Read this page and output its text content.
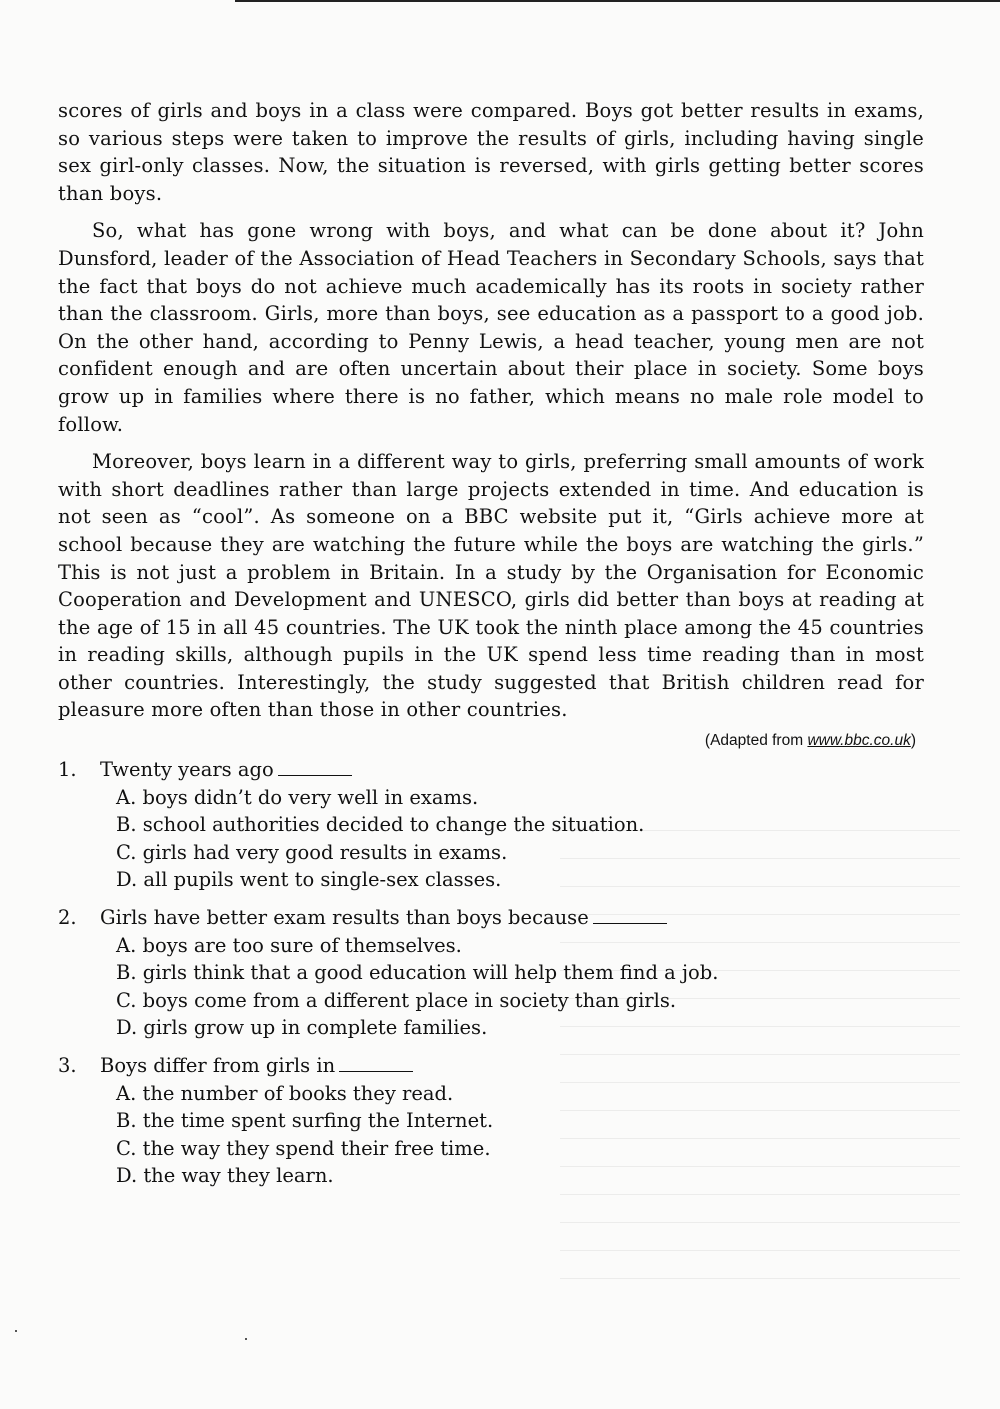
scores of girls and boys in a class were compared. Boys got better results in exams, so various steps were taken to improve the results of girls, including having single sex girl-only classes. Now, the situation is reversed, with girls getting better scores than boys.

So, what has gone wrong with boys, and what can be done about it? John Dunsford, leader of the Association of Head Teachers in Secondary Schools, says that the fact that boys do not achieve much academically has its roots in society rather than the classroom. Girls, more than boys, see education as a passport to a good job. On the other hand, according to Penny Lewis, a head teacher, young men are not confident enough and are often uncertain about their place in society. Some boys grow up in families where there is no father, which means no male role model to follow.

Moreover, boys learn in a different way to girls, preferring small amounts of work with short deadlines rather than large projects extended in time. And education is not seen as “cool”. As someone on a BBC website put it, “Girls achieve more at school because they are watching the future while the boys are watching the girls.” This is not just a problem in Britain. In a study by the Organisation for Economic Cooperation and Development and UNESCO, girls did better than boys at reading at the age of 15 in all 45 countries. The UK took the ninth place among the 45 countries in reading skills, although pupils in the UK spend less time reading than in most other countries. Interestingly, the study suggested that British children read for pleasure more often than those in other countries.

(Adapted from www.bbc.co.uk)
1.	Twenty years ago
A. boys didn’t do very well in exams.
B. school authorities decided to change the situation.
C. girls had very good results in exams.
D. all pupils went to single-sex classes.
2.	Girls have better exam results than boys because
A. boys are too sure of themselves.
B. girls think that a good education will help them find a job.
C. boys come from a different place in society than girls.
D. girls grow up in complete families.
3.	Boys differ from girls in
A. the number of books they read.
B. the time spent surfing the Internet.
C. the way they spend their free time.
D. the way they learn.
